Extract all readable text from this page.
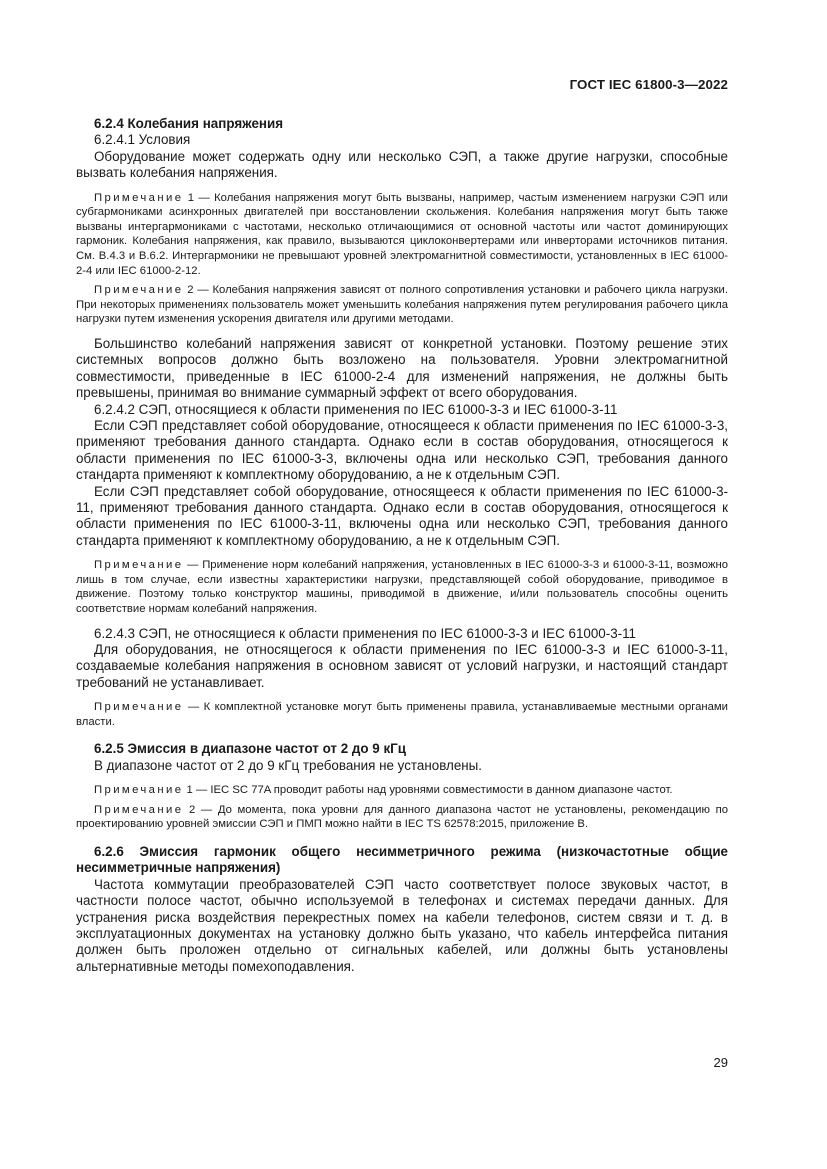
ГОСТ IEC 61800-3—2022

6.2.4 Колебания напряжения

6.2.4.1 Условия

Оборудование может содержать одну или несколько СЭП, а также другие нагрузки, способные вызвать колебания напряжения.

Примечание 1 — Колебания напряжения могут быть вызваны, например, частым изменением нагрузки СЭП или субгармониками асинхронных двигателей при восстановлении скольжения. Колебания напряжения могут быть также вызваны интергармониками с частотами, несколько отличающимися от основной частоты или частот доминирующих гармоник. Колебания напряжения, как правило, вызываются циклоконвертерами или инверторами источников питания. См. B.4.3 и B.6.2. Интергармоники не превышают уровней электромагнитной совместимости, установленных в IEC 61000-2-4 или IEC 61000-2-12.

Примечание 2 — Колебания напряжения зависят от полного сопротивления установки и рабочего цикла нагрузки. При некоторых применениях пользователь может уменьшить колебания напряжения путем регулирования рабочего цикла нагрузки путем изменения ускорения двигателя или другими методами.

Большинство колебаний напряжения зависят от конкретной установки. Поэтому решение этих системных вопросов должно быть возложено на пользователя. Уровни электромагнитной совместимости, приведенные в IEC 61000-2-4 для изменений напряжения, не должны быть превышены, принимая во внимание суммарный эффект от всего оборудования.

6.2.4.2 СЭП, относящиеся к области применения по IEC 61000-3-3 и IEC 61000-3-11

Если СЭП представляет собой оборудование, относящееся к области применения по IEC 61000-3-3, применяют требования данного стандарта. Однако если в состав оборудования, относящегося к области применения по IEC 61000-3-3, включены одна или несколько СЭП, требования данного стандарта применяют к комплектному оборудованию, а не к отдельным СЭП.

Если СЭП представляет собой оборудование, относящееся к области применения по IEC 61000-3-11, применяют требования данного стандарта. Однако если в состав оборудования, относящегося к области применения по IEC 61000-3-11, включены одна или несколько СЭП, требования данного стандарта применяют к комплектному оборудованию, а не к отдельным СЭП.

Примечание — Применение норм колебаний напряжения, установленных в IEC 61000-3-3 и 61000-3-11, возможно лишь в том случае, если известны характеристики нагрузки, представляющей собой оборудование, приводимое в движение. Поэтому только конструктор машины, приводимой в движение, и/или пользователь способны оценить соответствие нормам колебаний напряжения.

6.2.4.3 СЭП, не относящиеся к области применения по IEC 61000-3-3 и IEC 61000-3-11

Для оборудования, не относящегося к области применения по IEC 61000-3-3 и IEC 61000-3-11, создаваемые колебания напряжения в основном зависят от условий нагрузки, и настоящий стандарт требований не устанавливает.

Примечание — К комплектной установке могут быть применены правила, устанавливаемые местными органами власти.

6.2.5 Эмиссия в диапазоне частот от 2 до 9 кГц

В диапазоне частот от 2 до 9 кГц требования не установлены.

Примечание 1 — IEC SC 77A проводит работы над уровнями совместимости в данном диапазоне частот.

Примечание 2 — До момента, пока уровни для данного диапазона частот не установлены, рекомендацию по проектированию уровней эмиссии СЭП и ПМП можно найти в IEC TS 62578:2015, приложение B.

6.2.6 Эмиссия гармоник общего несимметричного режима (низкочастотные общие несимметричные напряжения)

Частота коммутации преобразователей СЭП часто соответствует полосе звуковых частот, в частности полосе частот, обычно используемой в телефонах и системах передачи данных. Для устранения риска воздействия перекрестных помех на кабели телефонов, систем связи и т. д. в эксплуатационных документах на установку должно быть указано, что кабель интерфейса питания должен быть проложен отдельно от сигнальных кабелей, или должны быть установлены альтернативные методы помехоподавления.

29
